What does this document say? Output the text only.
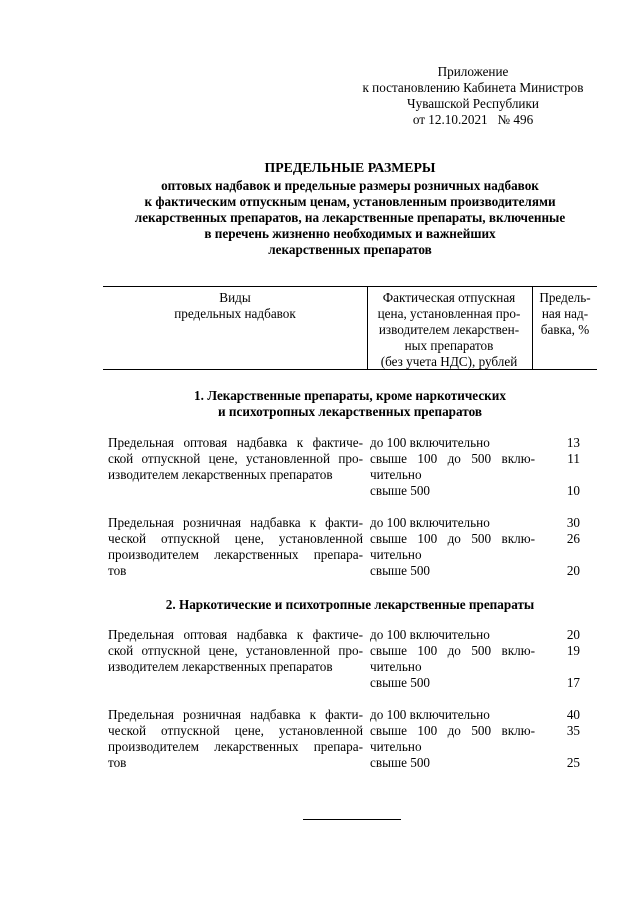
Приложение
к постановлению Кабинета Министров
Чувашской Республики
от 12.10.2021   № 496
ПРЕДЕЛЬНЫЕ РАЗМЕРЫ
оптовых надбавок и предельные размеры розничных надбавок
к фактическим отпускным ценам, установленным производителями
лекарственных препаратов, на лекарственные препараты, включенные
в перечень жизненно необходимых и важнейших
лекарственных препаратов
Виды
предельных надбавок
Фактическая отпускная
цена, установленная про-
изводителем лекарствен-
ных препаратов
(без учета НДС), рублей
Предель-
ная над-
бавка, %
1. Лекарственные препараты, кроме наркотических
и психотропных лекарственных препаратов
Предельная оптовая надбавка к фактиче-
ской отпускной цене, установленной про-
изводителем лекарственных препаратов
до 100 включительно
свыше 100 до 500 вклю-
чительно
свыше 500
13
11

10
Предельная розничная надбавка к факти-
ческой отпускной цене, установленной
производителем лекарственных препара-
тов
до 100 включительно
свыше 100 до 500 вклю-
чительно
свыше 500
30
26

20
2. Наркотические и психотропные лекарственные препараты
Предельная оптовая надбавка к фактиче-
ской отпускной цене, установленной про-
изводителем лекарственных препаратов
до 100 включительно
свыше 100 до 500 вклю-
чительно
свыше 500
20
19

17
Предельная розничная надбавка к факти-
ческой отпускной цене, установленной
производителем лекарственных препара-
тов
до 100 включительно
свыше 100 до 500 вклю-
чительно
свыше 500
40
35

25
